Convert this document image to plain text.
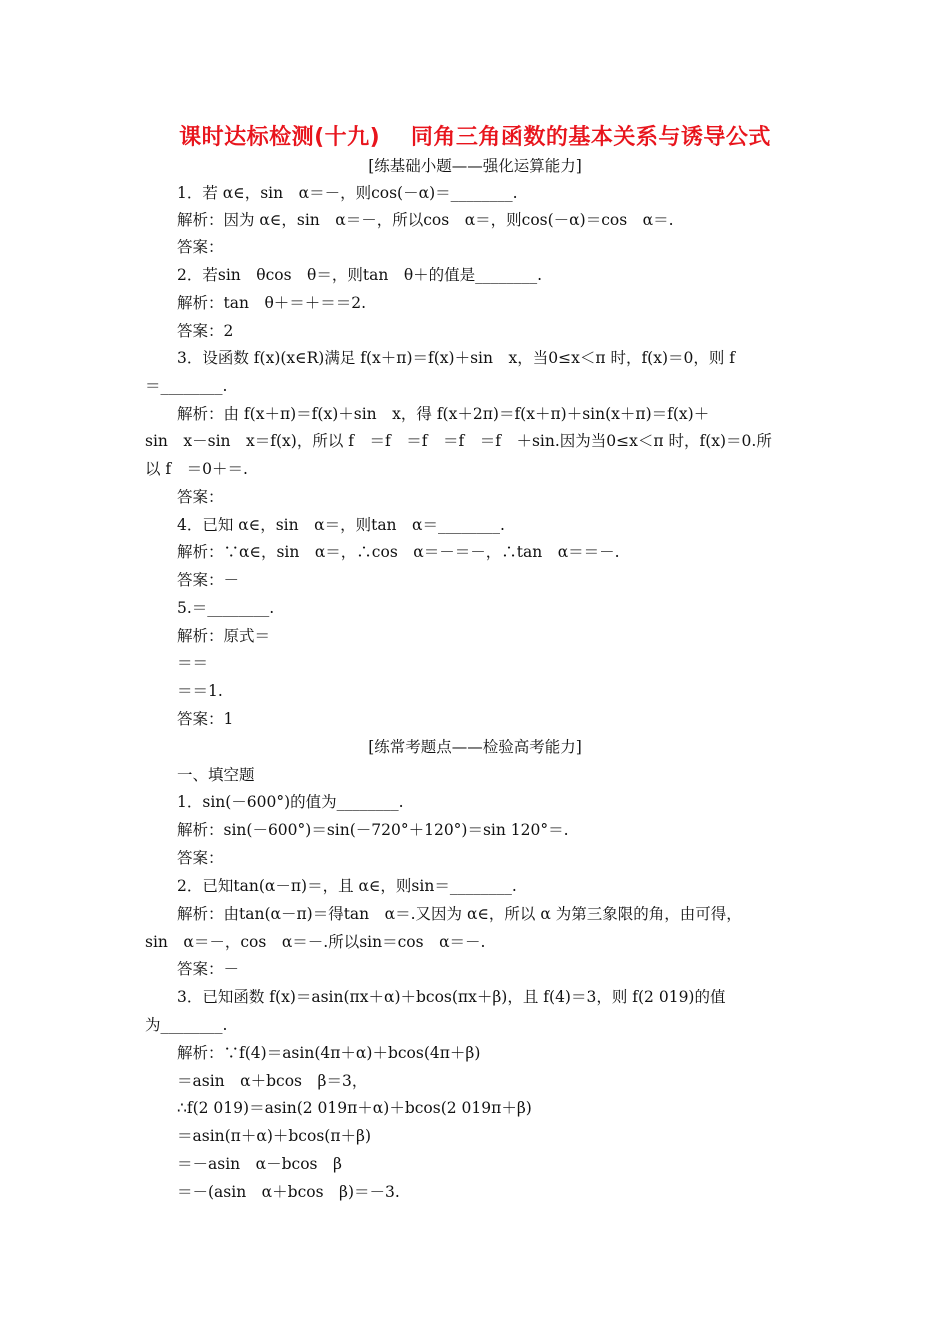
课时达标检测(十九)　 同角三角函数的基本关系与诱导公式
[练基础小题——强化运算能力]
1．若 α∈，sin　α＝－，则cos(－α)＝________.
解析：因为 α∈，sin　α＝－，所以cos　α＝，则cos(－α)＝cos　α＝.
答案：
2．若sin　θcos　θ＝，则tan　θ＋的值是________.
解析：tan　θ＋＝＋＝＝2.
答案：2
3．设函数 f(x)(x∈R)满足 f(x＋π)＝f(x)＋sin　x，当0≤x＜π 时，f(x)＝0，则 f
＝________.
解析：由 f(x＋π)＝f(x)＋sin　x，得 f(x＋2π)＝f(x＋π)＋sin(x＋π)＝f(x)＋
sin　x－sin　x＝f(x)，所以 f　＝f　＝f　＝f　＝f　＋sin.因为当0≤x＜π 时，f(x)＝0.所
以 f　＝0＋＝.
答案：
4．已知 α∈，sin　α＝，则tan　α＝________.
解析：∵α∈，sin　α＝，∴cos　α＝－＝－，∴tan　α＝＝－.
答案：－
5.＝________.
解析：原式＝
＝＝
＝＝1.
答案：1
[练常考题点——检验高考能力]
一、填空题
1．sin(－600°)的值为________.
解析：sin(－600°)＝sin(－720°＋120°)＝sin 120°＝.
答案：
2．已知tan(α－π)＝，且 α∈，则sin＝________.
解析：由tan(α－π)＝得tan　α＝.又因为 α∈，所以 α 为第三象限的角，由可得，
sin　α＝－，cos　α＝－.所以sin＝cos　α＝－.
答案：－
3．已知函数 f(x)＝asin(πx＋α)＋bcos(πx＋β)，且 f(4)＝3，则 f(2 019)的值
为________.
解析：∵f(4)＝asin(4π＋α)＋bcos(4π＋β)
＝asin　α＋bcos　β＝3，
∴f(2 019)＝asin(2 019π＋α)＋bcos(2 019π＋β)
＝asin(π＋α)＋bcos(π＋β)
＝－asin　α－bcos　β
＝－(asin　α＋bcos　β)＝－3.
